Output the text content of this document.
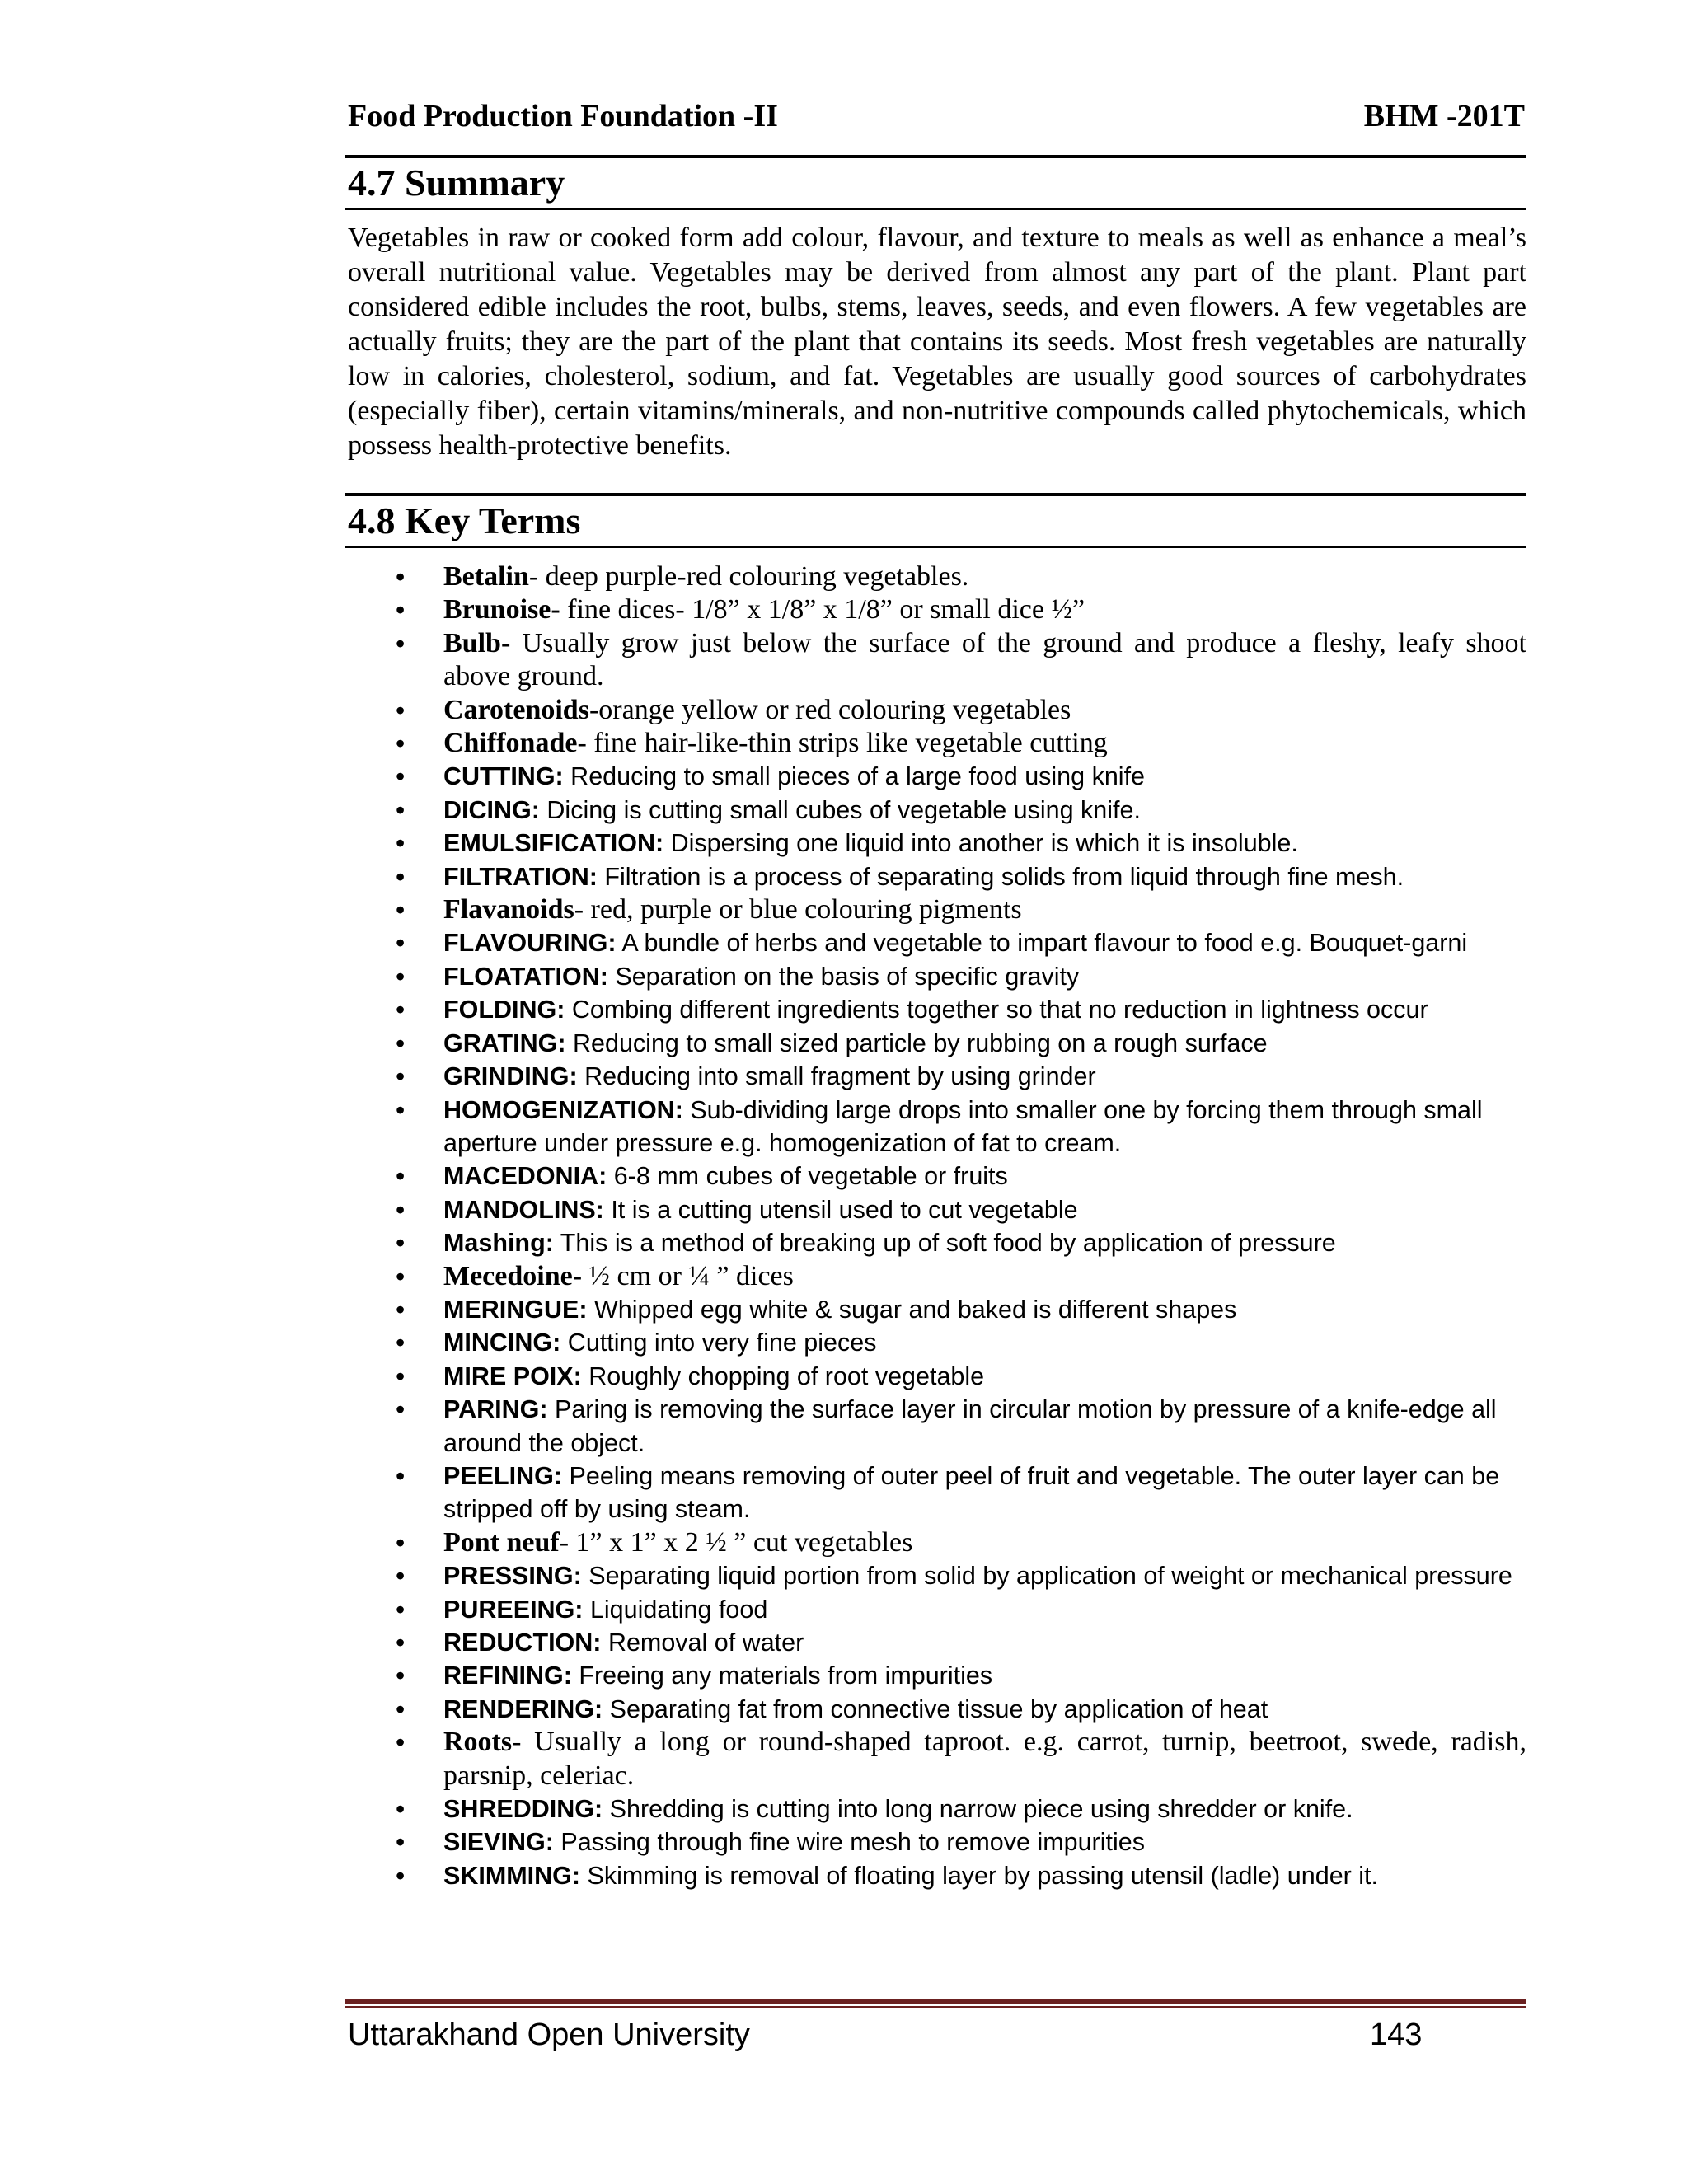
Food Production Foundation -II	BHM -201T
4.7 Summary

Vegetables in raw or cooked form add colour, flavour, and texture to meals as well as enhance a meal’s overall nutritional value. Vegetables may be derived from almost any part of the plant. Plant part considered edible includes the root, bulbs, stems, leaves, seeds, and even flowers. A few vegetables are actually fruits; they are the part of the plant that contains its seeds. Most fresh vegetables are naturally low in calories, cholesterol, sodium, and fat. Vegetables are usually good sources of carbohydrates (especially fiber), certain vitamins/minerals, and non-nutritive compounds called phytochemicals, which possess health-protective benefits.

4.8 Key Terms
• Betalin- deep purple-red colouring vegetables.
• Brunoise- fine dices- 1/8” x 1/8” x 1/8” or small dice ½”
• Bulb- Usually grow just below the surface of the ground and produce a fleshy, leafy shoot above ground.
• Carotenoids-orange yellow or red colouring vegetables
• Chiffonade- fine hair-like-thin strips like vegetable cutting
• CUTTING: Reducing to small pieces of a large food using knife
• DICING: Dicing is cutting small cubes of vegetable using knife.
• EMULSIFICATION: Dispersing one liquid into another is which it is insoluble.
• FILTRATION: Filtration is a process of separating solids from liquid through fine mesh.
• Flavanoids- red, purple or blue colouring pigments
• FLAVOURING: A bundle of herbs and vegetable to impart flavour to food e.g. Bouquet-garni
• FLOATATION: Separation on the basis of specific gravity
• FOLDING: Combing different ingredients together so that no reduction in lightness occur
• GRATING: Reducing to small sized particle by rubbing on a rough surface
• GRINDING: Reducing into small fragment by using grinder
• HOMOGENIZATION: Sub-dividing large drops into smaller one by forcing them through small aperture under pressure e.g. homogenization of fat to cream.
• MACEDONIA: 6-8 mm cubes of vegetable or fruits
• MANDOLINS: It is a cutting utensil used to cut vegetable
• Mashing: This is a method of breaking up of soft food by application of pressure
• Mecedoine- ½ cm or ¼ ” dices
• MERINGUE: Whipped egg white & sugar and baked is different shapes
• MINCING: Cutting into very fine pieces
• MIRE POIX: Roughly chopping of root vegetable
• PARING: Paring is removing the surface layer in circular motion by pressure of a knife-edge all around the object.
• PEELING: Peeling means removing of outer peel of fruit and vegetable. The outer layer can be stripped off by using steam.
• Pont neuf- 1” x 1” x 2 ½ ” cut vegetables
• PRESSING: Separating liquid portion from solid by application of weight or mechanical pressure
• PUREEING: Liquidating food
• REDUCTION: Removal of water
• REFINING: Freeing any materials from impurities
• RENDERING: Separating fat from connective tissue by application of heat
• Roots- Usually a long or round-shaped taproot. e.g. carrot, turnip, beetroot, swede, radish, parsnip, celeriac.
• SHREDDING: Shredding is cutting into long narrow piece using shredder or knife.
• SIEVING: Passing through fine wire mesh to remove impurities
• SKIMMING: Skimming is removal of floating layer by passing utensil (ladle) under it.
Uttarakhand Open University	143
